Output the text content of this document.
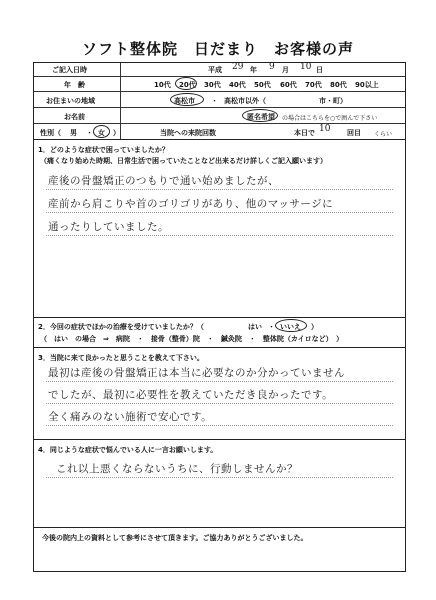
ソフト整体院　日だまり　お客様の声
ご記入日時	平成 29 年 9 月 10 日
年　齢	10代 20代 30代 40代 50代 60代 70代 80代 90以上
お住まいの地域	高松市 ・ 高松市以外（	市・町）
お名前	匿名希望 の場合はこちらを○で囲んで下さい
性別（ 男 ・ 女 ）	当院への来院回数	本日で 10 回目 くらい
1．どのような症状で困っていましたか？
（痛くなり始めた時期、日常生活で困っていたことなど出来るだけ詳しくご記入願います）
産後の骨盤矯正のつもりで通い始めましたが、
産前から肩こりや首のゴリゴリがあり、他のマッサージに
通ったりしていました。
2．今回の症状でほかの治療を受けていましたか？（	はい ・ いいえ ）
（　はい　の場合　⇒　病院　・　接骨（整骨）院　・　鍼灸院　・　整体院（カイロなど）　）
3．当院に来て良かったと思うことを教えて下さい。
最初は産後の骨盤矯正は本当に必要なのか分かっていません
でしたが、最初に必要性を教えていただき良かったです。
全く痛みのない施術で安心です。
4．同じような症状で悩んでいる人に一言お願いします。
これ以上悪くならないうちに、行動しませんか？
今後の院内上の資料として参考にさせて頂きます。ご協力ありがとうございました。
